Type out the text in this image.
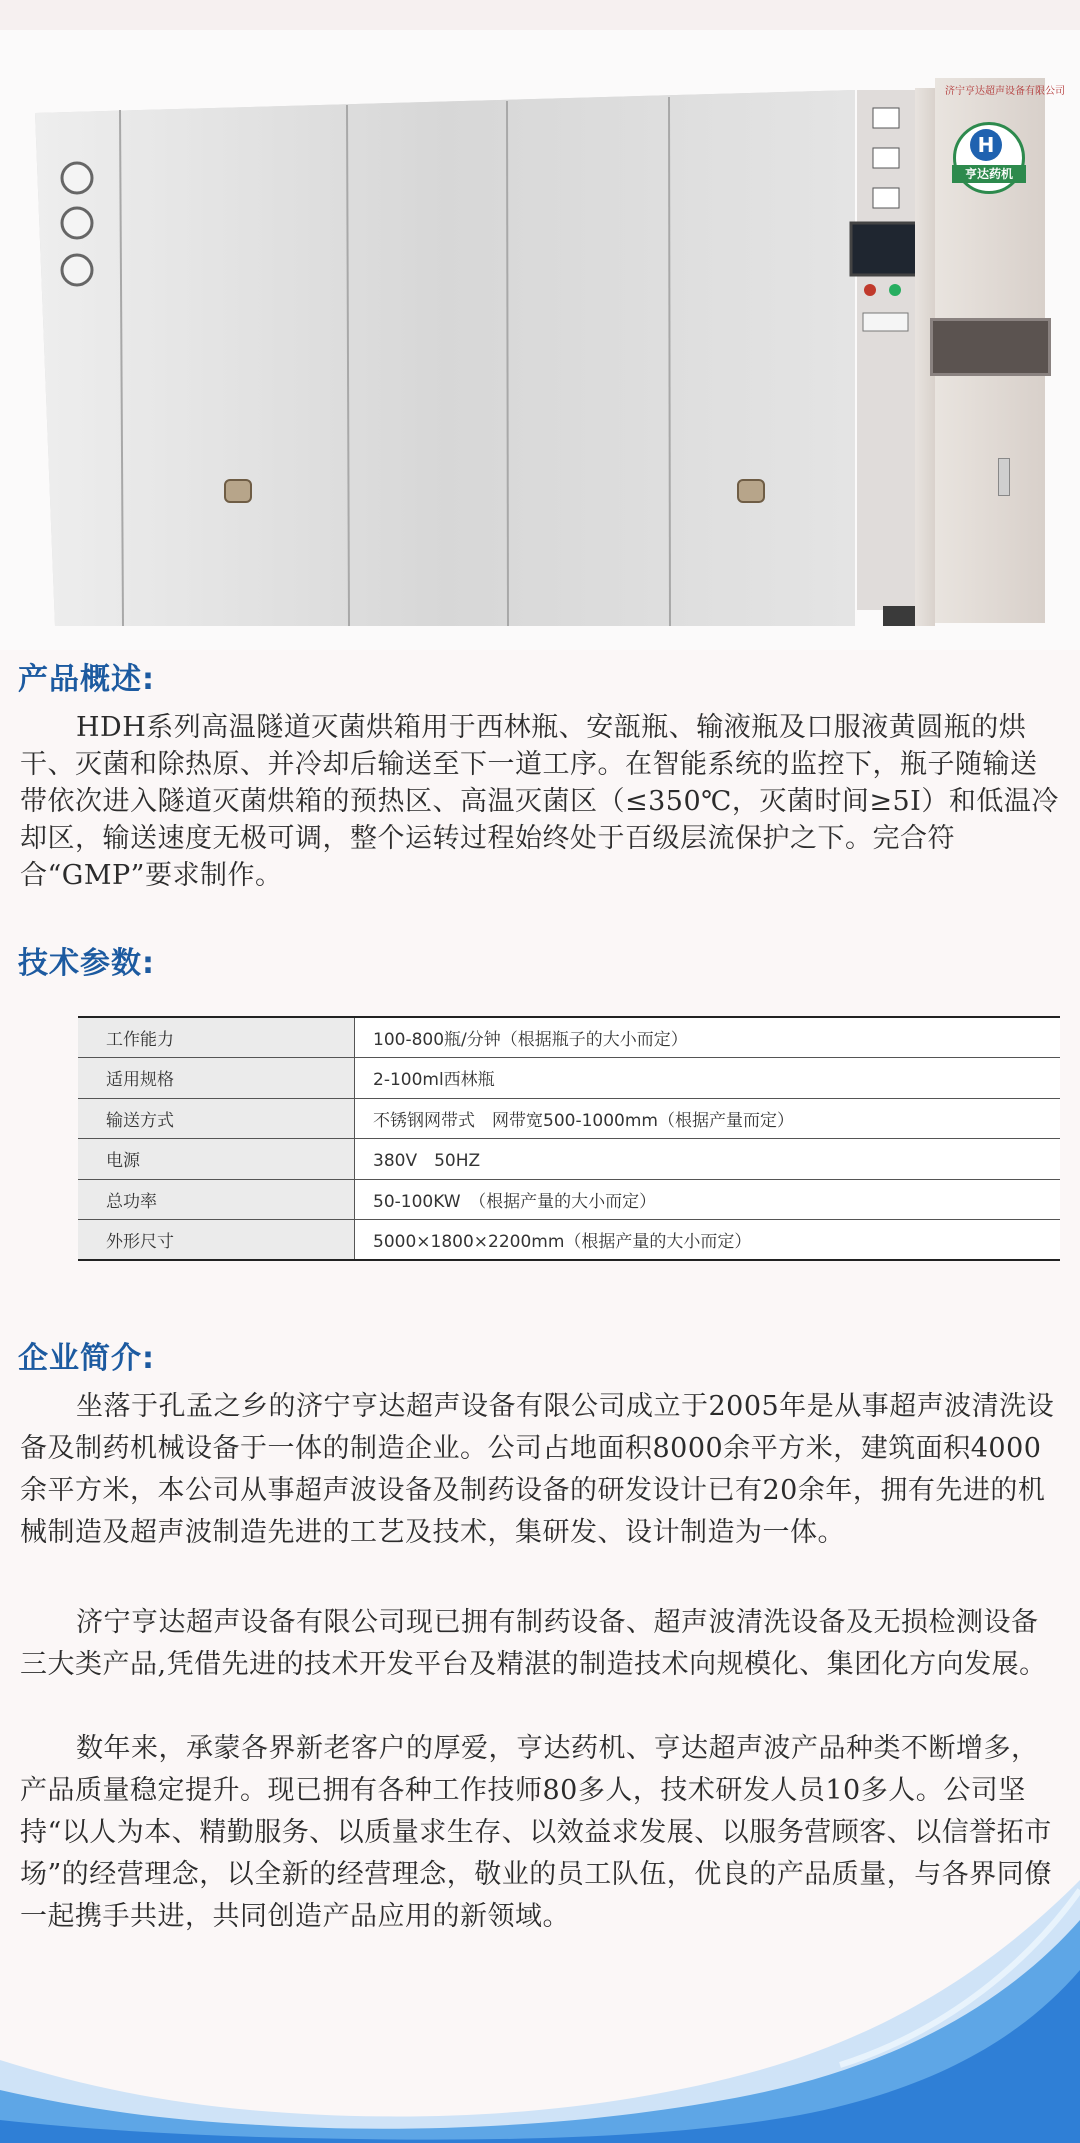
济宁亨达超声设备有限公司
H
亨达药机
产品概述:

HDH系列高温隧道灭菌烘箱用于西林瓶、安瓿瓶、输液瓶及口服液黄圆瓶的烘干、灭菌和除热原、并冷却后输送至下一道工序。在智能系统的监控下，瓶子随输送带依次进入隧道灭菌烘箱的预热区、高温灭菌区（≤350℃，灭菌时间≥5I）和低温冷却区，输送速度无极可调，整个运转过程始终处于百级层流保护之下。完合符合“GMP”要求制作。

技术参数:
工作能力	100-800瓶/分钟（根据瓶子的大小而定）
适用规格	2-100ml西林瓶
输送方式	不锈钢网带式　网带宽500-1000mm（根据产量而定）
电源	380V　50HZ
总功率	50-100KW　（根据产量的大小而定）
外形尺寸	5000×1800×2200mm（根据产量的大小而定）
企业简介:

坐落于孔孟之乡的济宁亨达超声设备有限公司成立于2005年是从事超声波清洗设备及制药机械设备于一体的制造企业。公司占地面积8000余平方米，建筑面积4000余平方米，本公司从事超声波设备及制药设备的研发设计已有20余年，拥有先进的机械制造及超声波制造先进的工艺及技术，集研发、设计制造为一体。

济宁亨达超声设备有限公司现已拥有制药设备、超声波清洗设备及无损检测设备三大类产品,凭借先进的技术开发平台及精湛的制造技术向规模化、集团化方向发展。

数年来，承蒙各界新老客户的厚爱，亨达药机、亨达超声波产品种类不断增多，产品质量稳定提升。现已拥有各种工作技师80多人，技术研发人员10多人。公司坚持“以人为本、精勤服务、以质量求生存、以效益求发展、以服务营顾客、以信誉拓市场”的经营理念，以全新的经营理念，敬业的员工队伍，优良的产品质量，与各界同僚一起携手共进，共同创造产品应用的新领域。
